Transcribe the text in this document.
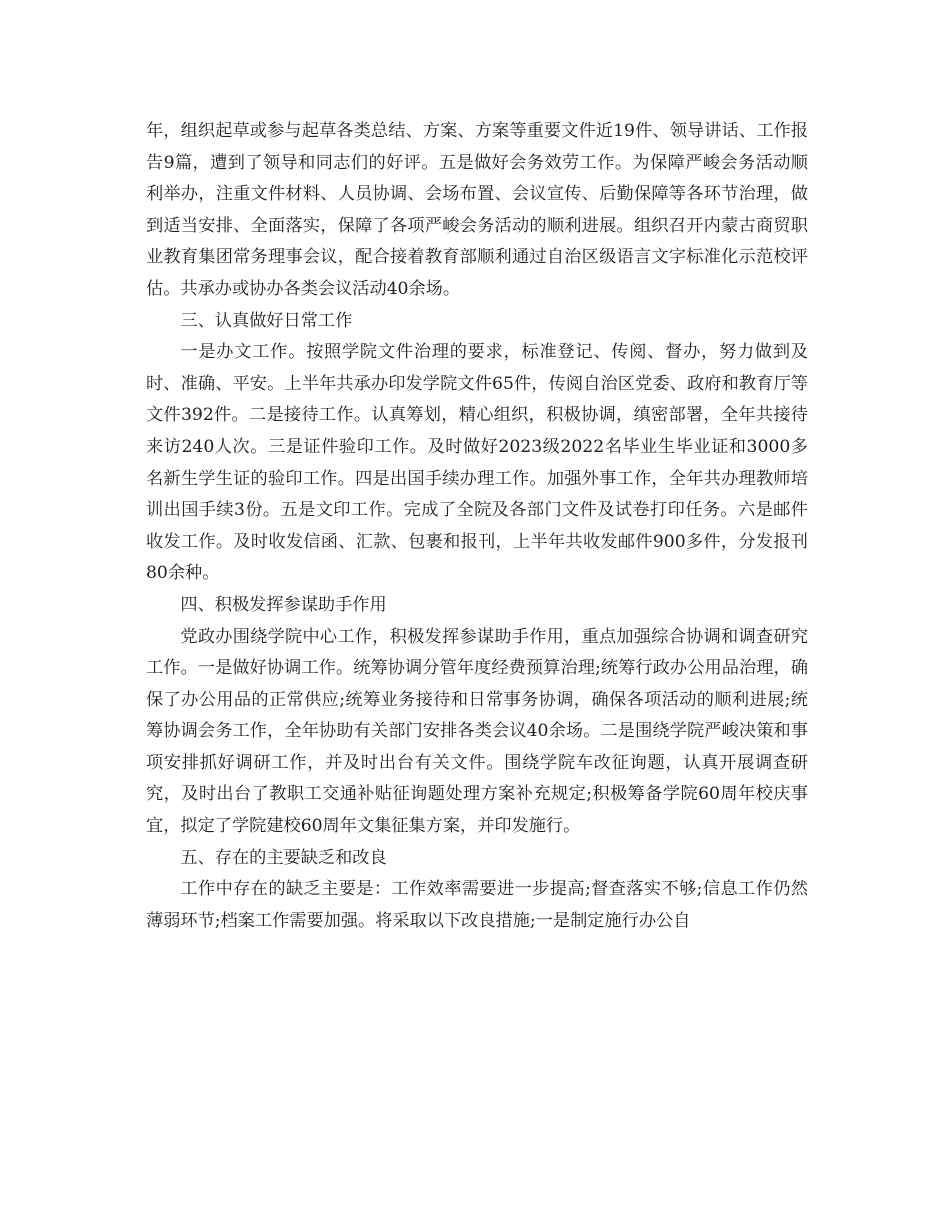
年，组织起草或参与起草各类总结、方案、方案等重要文件近19件、领导讲话、工作报告9篇，遭到了领导和同志们的好评。五是做好会务效劳工作。为保障严峻会务活动顺利举办，注重文件材料、人员协调、会场布置、会议宣传、后勤保障等各环节治理，做到适当安排、全面落实，保障了各项严峻会务活动的顺利进展。组织召开内蒙古商贸职业教育集团常务理事会议，配合接着教育部顺利通过自治区级语言文字标准化示范校评估。共承办或协办各类会议活动40余场。

三、认真做好日常工作

一是办文工作。按照学院文件治理的要求，标准登记、传阅、督办，努力做到及时、准确、平安。上半年共承办印发学院文件65件，传阅自治区党委、政府和教育厅等文件392件。二是接待工作。认真筹划，精心组织，积极协调，缜密部署，全年共接待来访240人次。三是证件验印工作。及时做好2023级2022名毕业生毕业证和3000多名新生学生证的验印工作。四是出国手续办理工作。加强外事工作，全年共办理教师培训出国手续3份。五是文印工作。完成了全院及各部门文件及试卷打印任务。六是邮件收发工作。及时收发信函、汇款、包裹和报刊，上半年共收发邮件900多件，分发报刊80余种。

四、积极发挥参谋助手作用

党政办围绕学院中心工作，积极发挥参谋助手作用，重点加强综合协调和调查研究工作。一是做好协调工作。统筹协调分管年度经费预算治理;统筹行政办公用品治理，确保了办公用品的正常供应;统筹业务接待和日常事务协调，确保各项活动的顺利进展;统筹协调会务工作，全年协助有关部门安排各类会议40余场。二是围绕学院严峻决策和事项安排抓好调研工作，并及时出台有关文件。围绕学院车改征询题，认真开展调查研究，及时出台了教职工交通补贴征询题处理方案补充规定;积极筹备学院60周年校庆事宜，拟定了学院建校60周年文集征集方案，并印发施行。

五、存在的主要缺乏和改良

工作中存在的缺乏主要是：工作效率需要进一步提高;督查落实不够;信息工作仍然薄弱环节;档案工作需要加强。将采取以下改良措施;一是制定施行办公自
